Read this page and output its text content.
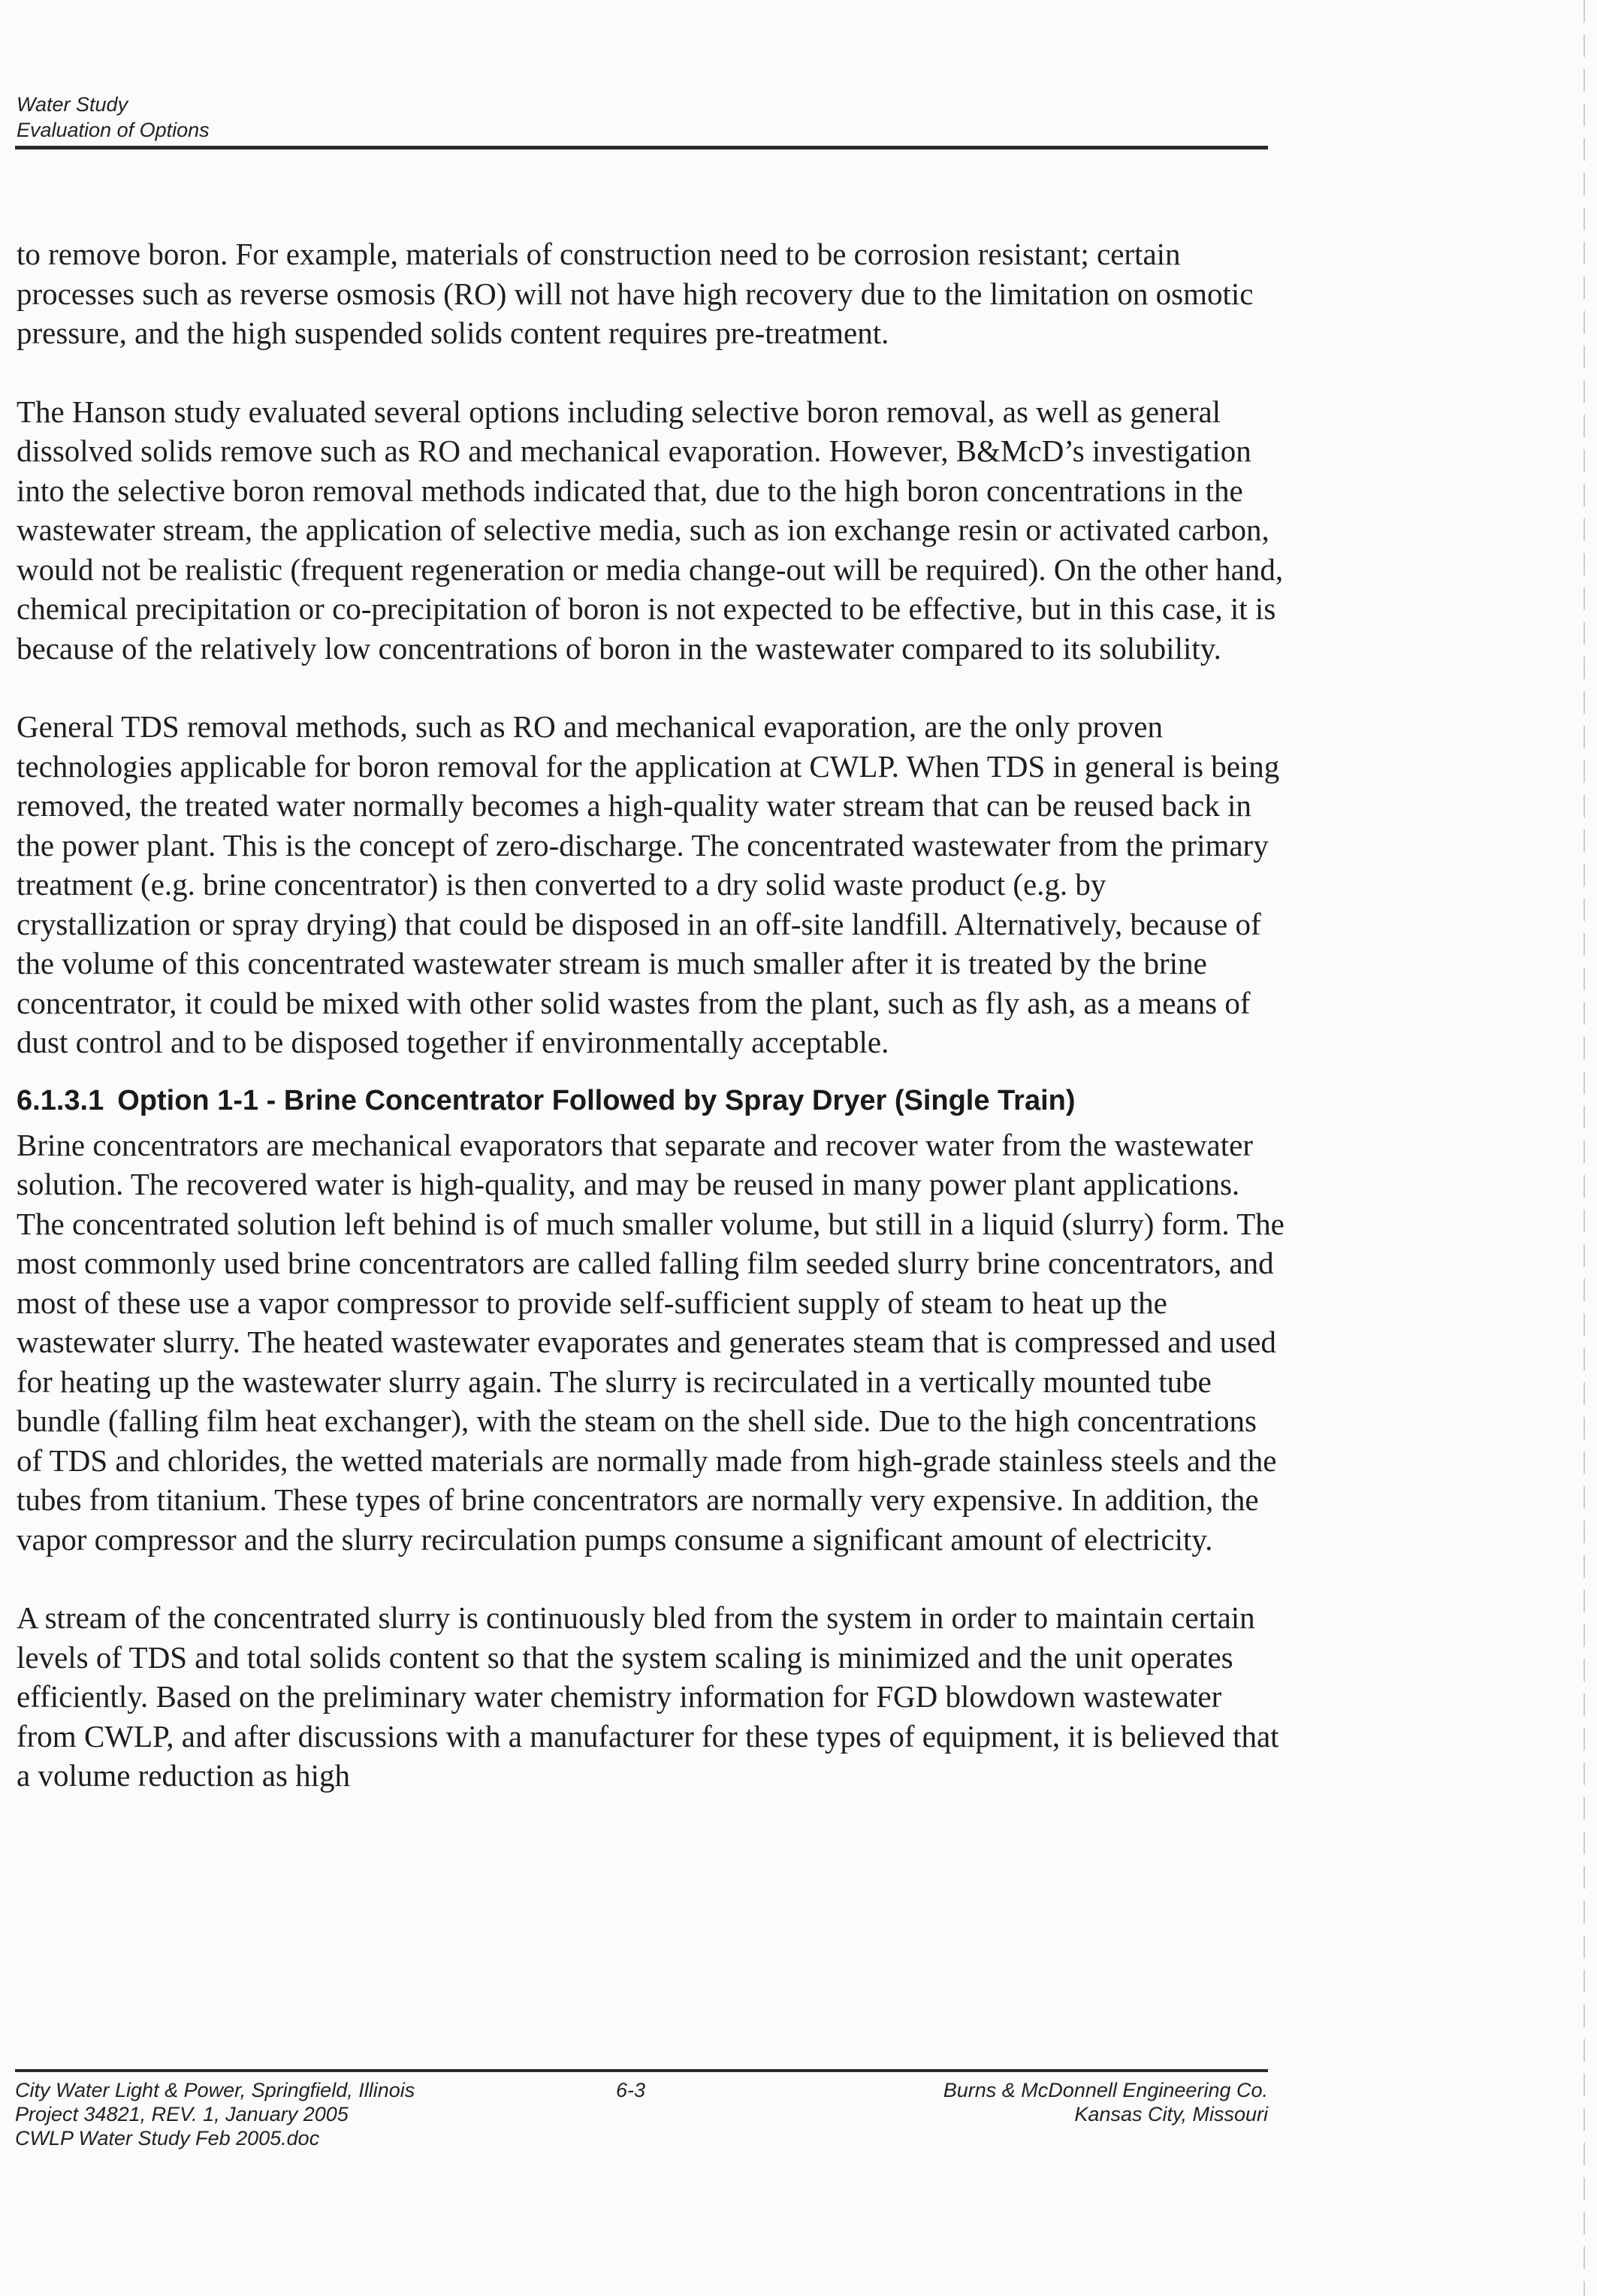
Water Study
Evaluation of Options

to remove boron. For example, materials of construction need to be corrosion resistant; certain processes such as reverse osmosis (RO) will not have high recovery due to the limitation on osmotic pressure, and the high suspended solids content requires pre-treatment.

The Hanson study evaluated several options including selective boron removal, as well as general dissolved solids remove such as RO and mechanical evaporation. However, B&McD’s investigation into the selective boron removal methods indicated that, due to the high boron concentrations in the wastewater stream, the application of selective media, such as ion exchange resin or activated carbon, would not be realistic (frequent regeneration or media change-out will be required). On the other hand, chemical precipitation or co-precipitation of boron is not expected to be effective, but in this case, it is because of the relatively low concentrations of boron in the wastewater compared to its solubility.

General TDS removal methods, such as RO and mechanical evaporation, are the only proven technologies applicable for boron removal for the application at CWLP. When TDS in general is being removed, the treated water normally becomes a high-quality water stream that can be reused back in the power plant. This is the concept of zero-discharge. The concentrated wastewater from the primary treatment (e.g. brine concentrator) is then converted to a dry solid waste product (e.g. by crystallization or spray drying) that could be disposed in an off-site landfill. Alternatively, because of the volume of this concentrated wastewater stream is much smaller after it is treated by the brine concentrator, it could be mixed with other solid wastes from the plant, such as fly ash, as a means of dust control and to be disposed together if environmentally acceptable.

6.1.3.1 Option 1-1 - Brine Concentrator Followed by Spray Dryer (Single Train)

Brine concentrators are mechanical evaporators that separate and recover water from the wastewater solution. The recovered water is high-quality, and may be reused in many power plant applications. The concentrated solution left behind is of much smaller volume, but still in a liquid (slurry) form. The most commonly used brine concentrators are called falling film seeded slurry brine concentrators, and most of these use a vapor compressor to provide self-sufficient supply of steam to heat up the wastewater slurry. The heated wastewater evaporates and generates steam that is compressed and used for heating up the wastewater slurry again. The slurry is recirculated in a vertically mounted tube bundle (falling film heat exchanger), with the steam on the shell side. Due to the high concentrations of TDS and chlorides, the wetted materials are normally made from high-grade stainless steels and the tubes from titanium. These types of brine concentrators are normally very expensive. In addition, the vapor compressor and the slurry recirculation pumps consume a significant amount of electricity.

A stream of the concentrated slurry is continuously bled from the system in order to maintain certain levels of TDS and total solids content so that the system scaling is minimized and the unit operates efficiently. Based on the preliminary water chemistry information for FGD blowdown wastewater from CWLP, and after discussions with a manufacturer for these types of equipment, it is believed that a volume reduction as high

City Water Light & Power, Springfield, Illinois
Project 34821, REV. 1, January 2005
CWLP Water Study Feb 2005.doc
6-3	Burns & McDonnell Engineering Co.
Kansas City, Missouri
